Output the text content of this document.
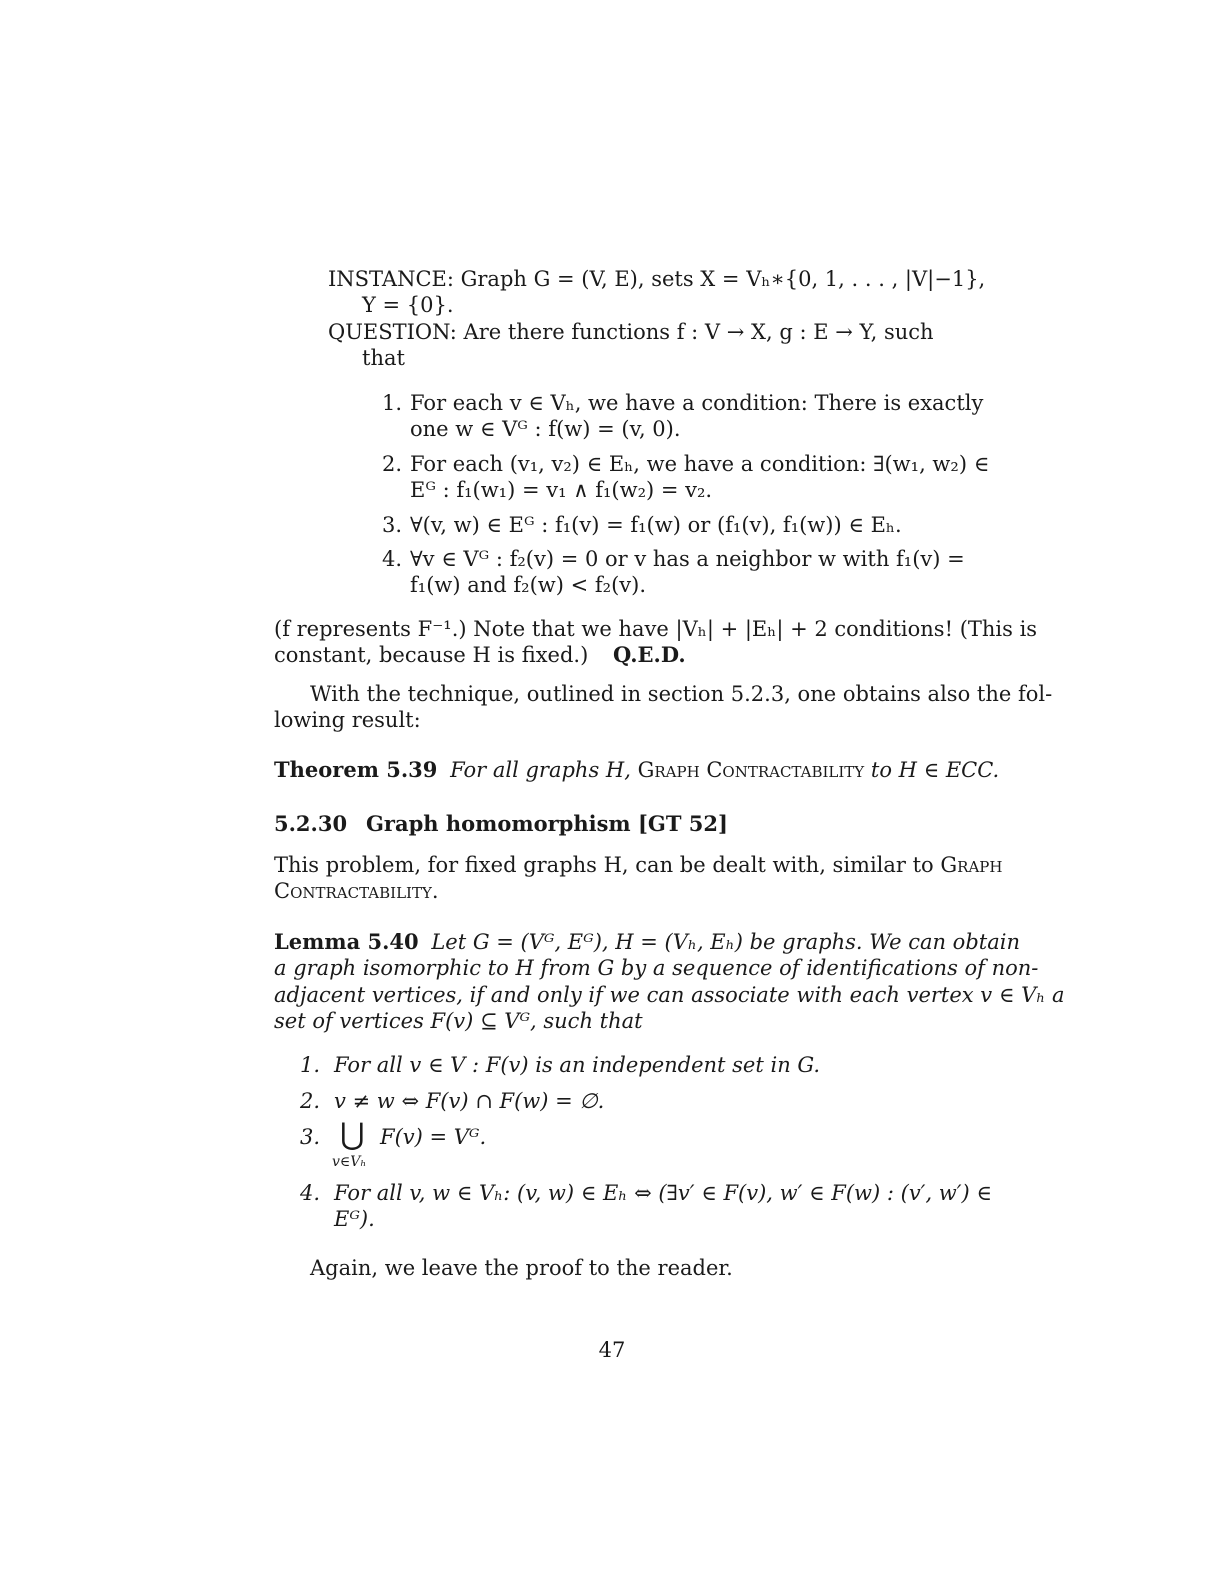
INSTANCE: Graph G = (V, E), sets X = Vₕ∗{0, 1, . . . , |V|−1},
Y = {0}.
QUESTION: Are there functions f : V → X, g : E → Y, such
that
1. For each v ∈ Vₕ, we have a condition: There is exactly
one w ∈ Vᴳ : f(w) = (v, 0).
2. For each (v₁, v₂) ∈ Eₕ, we have a condition: ∃(w₁, w₂) ∈
Eᴳ : f₁(w₁) = v₁ ∧ f₁(w₂) = v₂.
3. ∀(v, w) ∈ Eᴳ : f₁(v) = f₁(w) or (f₁(v), f₁(w)) ∈ Eₕ.
4. ∀v ∈ Vᴳ : f₂(v) = 0 or v has a neighbor w with f₁(v) =
f₁(w) and f₂(w) < f₂(v).
(f represents F⁻¹.) Note that we have |Vₕ| + |Eₕ| + 2 conditions! (This is
constant, because H is fixed.) Q.E.D.
With the technique, outlined in section 5.2.3, one obtains also the fol-
lowing result:
Theorem 5.39 For all graphs H, Graph Contractability to H ∈ ECC.
5.2.30 Graph homomorphism [GT 52]
This problem, for fixed graphs H, can be dealt with, similar to Graph
Contractability.
Lemma 5.40 Let G = (Vᴳ, Eᴳ), H = (Vₕ, Eₕ) be graphs. We can obtain
a graph isomorphic to H from G by a sequence of identifications of non-
adjacent vertices, if and only if we can associate with each vertex v ∈ Vₕ a
set of vertices F(v) ⊆ Vᴳ, such that
1. For all v ∈ V : F(v) is an independent set in G.
2. v ≠ w ⇔ F(v) ∩ F(w) = ∅.
3. ⋃ F(v) = Vᴳ.
v∈Vₕ
4. For all v, w ∈ Vₕ: (v, w) ∈ Eₕ ⇔ (∃v′ ∈ F(v), w′ ∈ F(w) : (v′, w′) ∈
Eᴳ).
Again, we leave the proof to the reader.
47
